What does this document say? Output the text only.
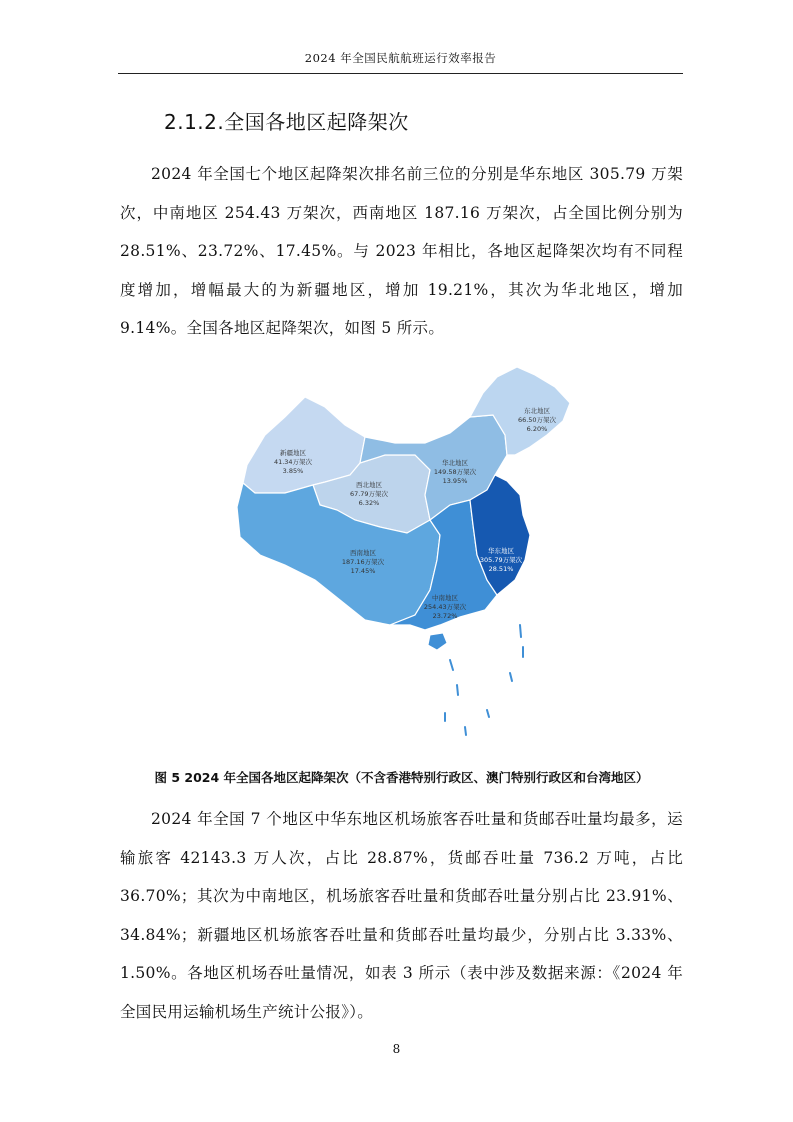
2024 年全国民航航班运行效率报告
2.1.2.全国各地区起降架次

2024 年全国七个地区起降架次排名前三位的分别是华东地区 305.79 万架次，中南地区 254.43 万架次，西南地区 187.16 万架次，占全国比例分别为 28.51%、23.72%、17.45%。与 2023 年相比，各地区起降架次均有不同程度增加，增幅最大的为新疆地区，增加 19.21%，其次为华北地区，增加 9.14%。全国各地区起降架次，如图 5 所示。

新疆地区
41.34万架次
3.85%
西北地区
67.79万架次
6.32%
华北地区
149.58万架次
13.95%
东北地区
66.50万架次
6.20%
西南地区
187.16万架次
17.45%
中南地区
254.43万架次
23.72%
华东地区
305.79万架次
28.51%

图 5 2024 年全国各地区起降架次（不含香港特别行政区、澳门特别行政区和台湾地区）

2024 年全国 7 个地区中华东地区机场旅客吞吐量和货邮吞吐量均最多，运输旅客 42143.3 万人次，占比 28.87%，货邮吞吐量 736.2 万吨，占比 36.70%；其次为中南地区，机场旅客吞吐量和货邮吞吐量分别占比 23.91%、34.84%；新疆地区机场旅客吞吐量和货邮吞吐量均最少，分别占比 3.33%、1.50%。各地区机场吞吐量情况，如表 3 所示（表中涉及数据来源：《2024 年全国民用运输机场生产统计公报》）。

8
